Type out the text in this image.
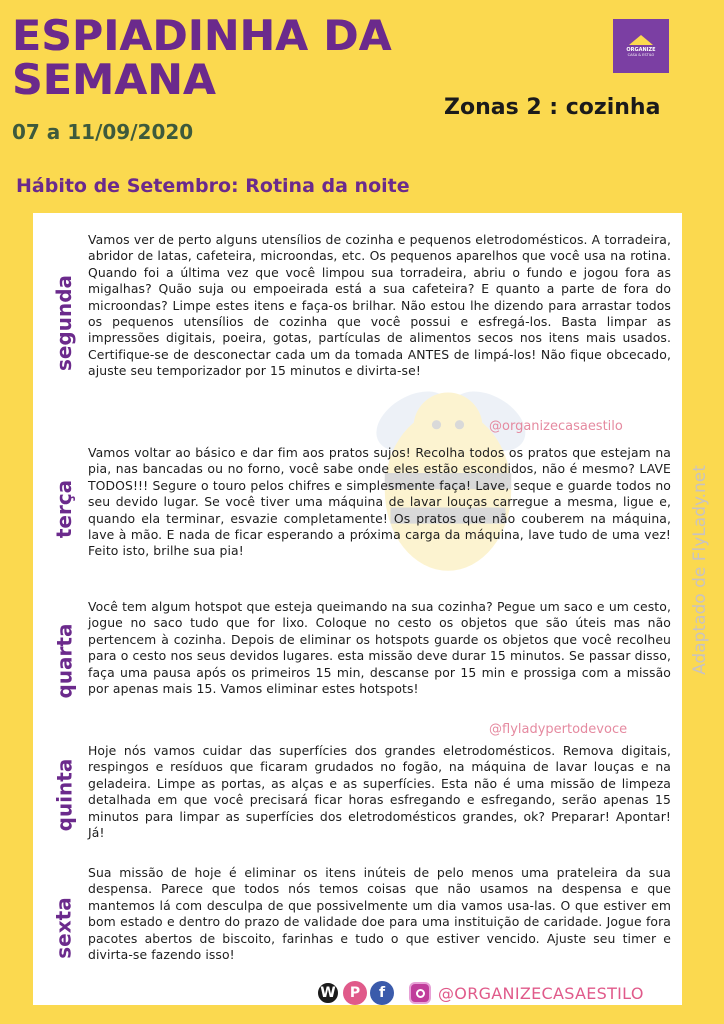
ESPIADINHA DA
SEMANA
07 a 11/09/2020
Zonas 2 : cozinha
ORGANIZE
CASA & ESTILO
Hábito de Setembro: Rotina da noite
segunda
Vamos ver de perto alguns utensílios de cozinha e pequenos eletrodomésticos. A torradeira, abridor de latas, cafeteira, microondas, etc. Os pequenos aparelhos que você usa na rotina. Quando foi a última vez que você limpou sua torradeira, abriu o fundo e jogou fora as migalhas? Quão suja ou empoeirada está a sua cafeteira? E quanto a parte de fora do microondas? Limpe estes itens e faça-os brilhar. Não estou lhe dizendo para arrastar todos os pequenos utensílios de cozinha que você possui e esfregá-los. Basta limpar as impressões digitais, poeira, gotas, partículas de alimentos secos nos itens mais usados. Certifique-se de desconectar cada um da tomada ANTES de limpá-los! Não fique obcecado, ajuste seu temporizador por 15 minutos e divirta-se!
@organizecasaestilo
terça
Vamos voltar ao básico e dar fim aos pratos sujos! Recolha todos os pratos que estejam na pia, nas bancadas ou no forno, você sabe onde eles estão escondidos, não é mesmo? LAVE TODOS!!! Segure o touro pelos chifres e simplesmente faça! Lave, seque e guarde todos no seu devido lugar. Se você tiver uma máquina de lavar louças carregue a mesma, ligue e, quando ela terminar, esvazie completamente! Os pratos que não couberem na máquina, lave à mão. E nada de ficar esperando a próxima carga da máquina, lave tudo de uma vez! Feito isto, brilhe sua pia!
quarta
Você tem algum hotspot que esteja queimando na sua cozinha? Pegue um saco e um cesto, jogue no saco tudo que for lixo. Coloque no cesto os objetos que são úteis mas não pertencem à cozinha. Depois de eliminar os hotspots guarde os objetos que você recolheu para o cesto nos seus devidos lugares. esta missão deve durar 15 minutos. Se passar disso, faça uma pausa após os primeiros 15 min, descanse por 15 min e prossiga com a missão por apenas mais 15. Vamos eliminar estes hotspots!
@flyladypertodevoce
quinta
Hoje nós vamos cuidar das superfícies dos grandes eletrodomésticos. Remova digitais, respingos e resíduos que ficaram grudados no fogão, na máquina de lavar louças e na geladeira. Limpe as portas, as alças e as superfícies. Esta não é uma missão de limpeza detalhada em que você precisará ficar horas esfregando e esfregando, serão apenas 15 minutos para limpar as superfícies dos eletrodomésticos grandes, ok? Preparar! Apontar! Já!
sexta
Sua missão de hoje é eliminar os itens inúteis de pelo menos uma prateleira da sua despensa. Parece que todos nós temos coisas que não usamos na despensa e que mantemos lá com desculpa de que possivelmente um dia vamos usa-las. O que estiver em bom estado e dentro do prazo de validade doe para uma instituição de caridade. Jogue fora pacotes abertos de biscoito, farinhas e tudo o que estiver vencido. Ajuste seu timer e divirta-se fazendo isso!
Adaptado de FlyLady.net
W	P	f	@ORGANIZECASAESTILO
